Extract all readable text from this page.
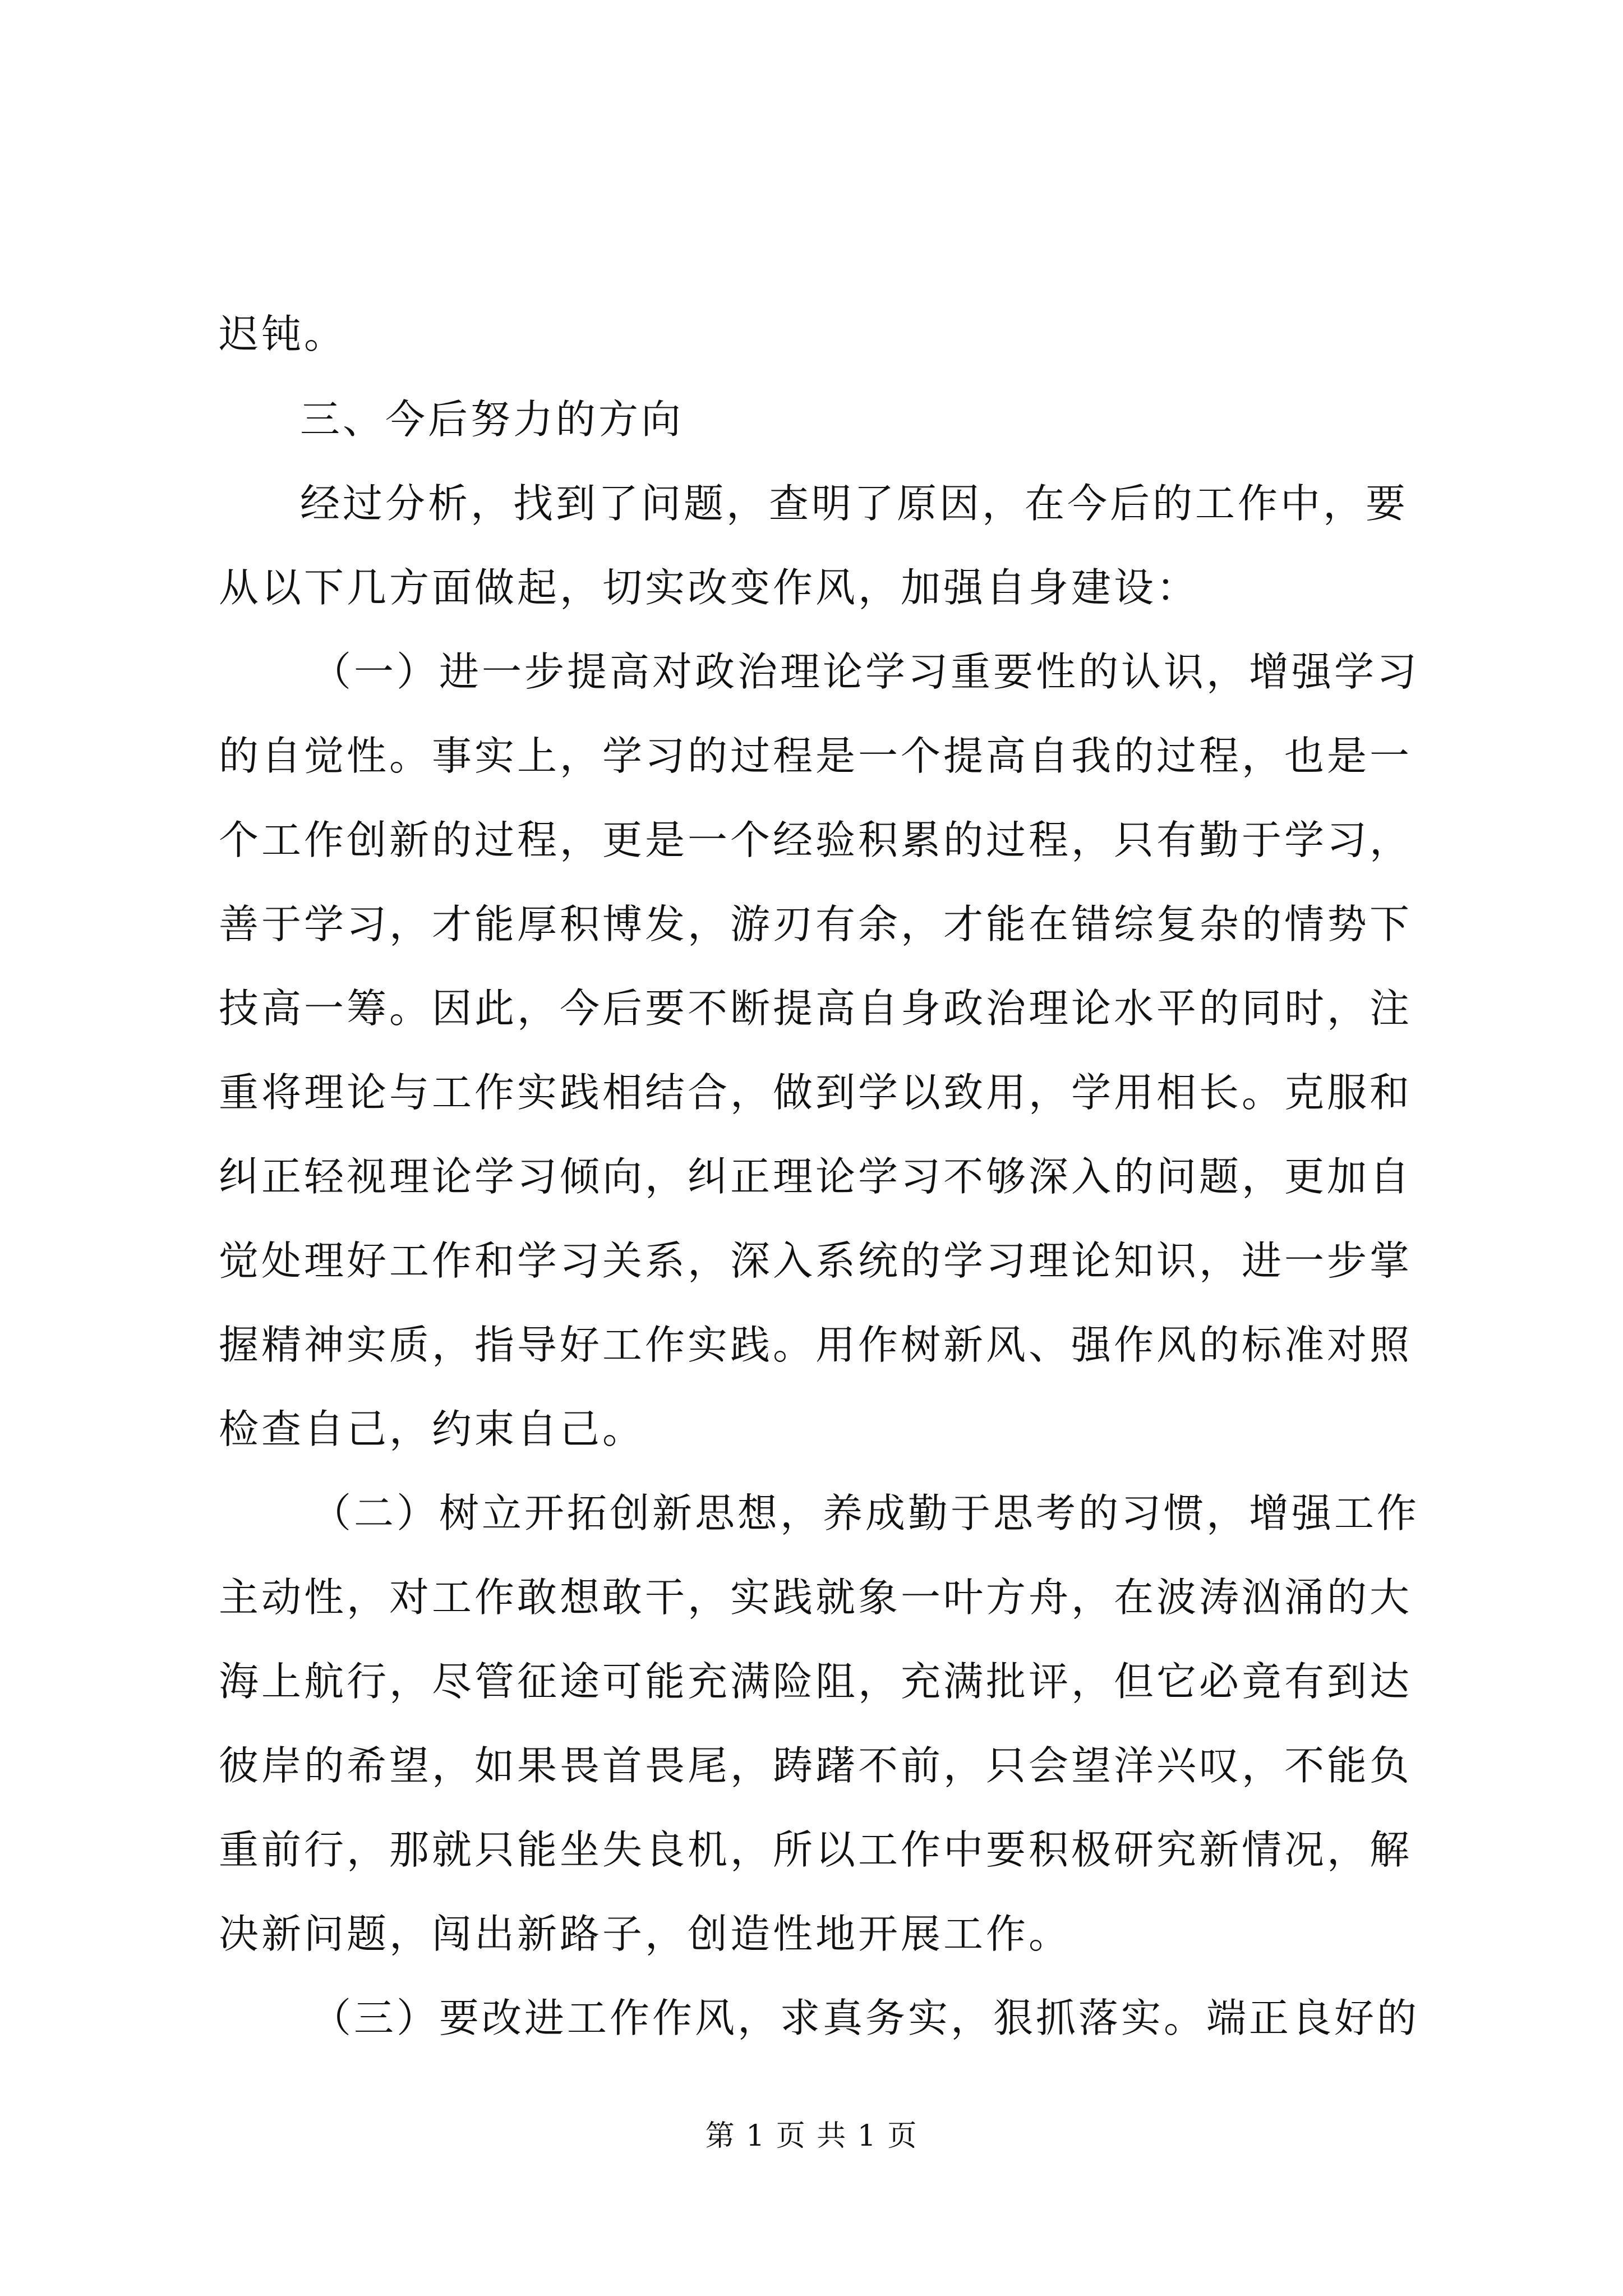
迟钝。
三、今后努力的方向
经过分析，找到了问题，查明了原因，在今后的工作中，要
从以下几方面做起，切实改变作风，加强自身建设：
（一）进一步提高对政治理论学习重要性的认识，增强学习
的自觉性。事实上，学习的过程是一个提高自我的过程，也是一
个工作创新的过程，更是一个经验积累的过程，只有勤于学习，
善于学习，才能厚积博发，游刃有余，才能在错综复杂的情势下
技高一筹。因此，今后要不断提高自身政治理论水平的同时，注
重将理论与工作实践相结合，做到学以致用，学用相长。克服和
纠正轻视理论学习倾向，纠正理论学习不够深入的问题，更加自
觉处理好工作和学习关系，深入系统的学习理论知识，进一步掌
握精神实质，指导好工作实践。用作树新风、强作风的标准对照
检查自己，约束自己。
（二）树立开拓创新思想，养成勤于思考的习惯，增强工作
主动性，对工作敢想敢干，实践就象一叶方舟，在波涛汹涌的大
海上航行，尽管征途可能充满险阻，充满批评，但它必竟有到达
彼岸的希望，如果畏首畏尾，踌躇不前，只会望洋兴叹，不能负
重前行，那就只能坐失良机，所以工作中要积极研究新情况，解
决新问题，闯出新路子，创造性地开展工作。
（三）要改进工作作风，求真务实，狠抓落实。端正良好的
第 1 页 共 1 页
